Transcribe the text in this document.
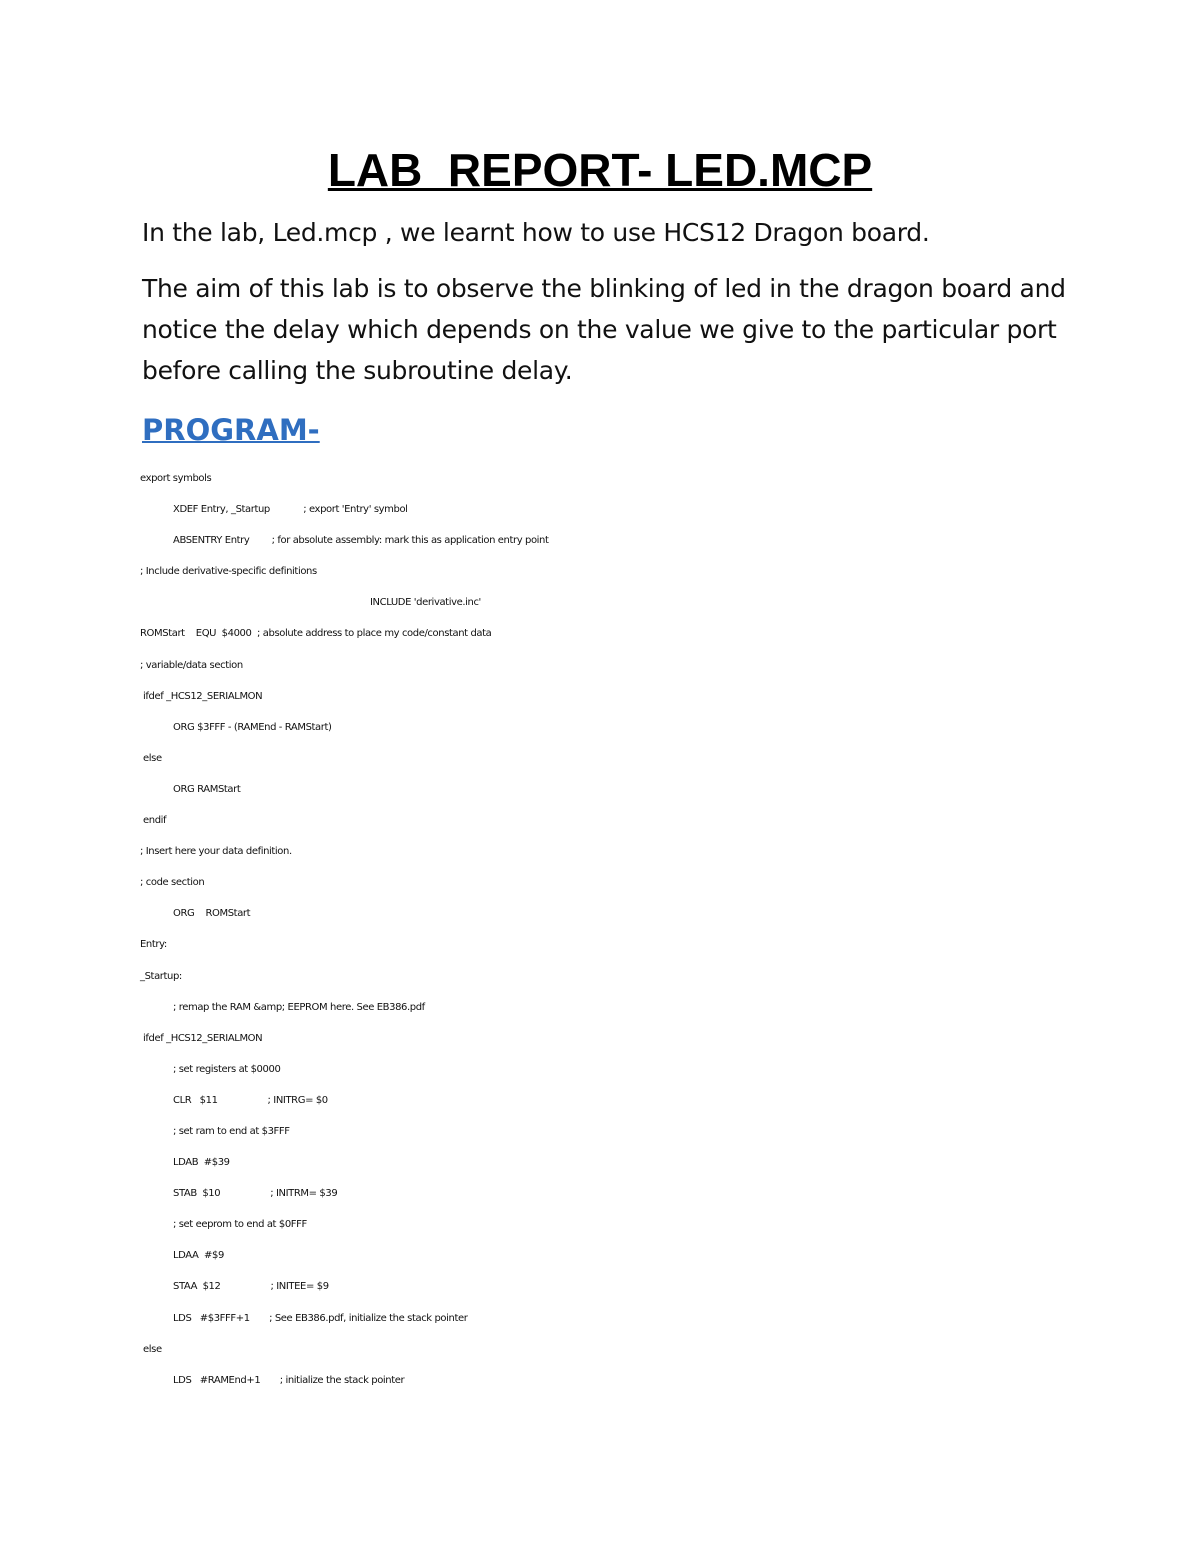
LAB  REPORT- LED.MCP
In the lab, Led.mcp , we learnt how to use HCS12 Dragon board.
The aim of this lab is to observe the blinking of led in the dragon board and notice the delay which depends on the value we give to the particular port before calling the subroutine delay.
PROGRAM-
export symbols
XDEF Entry, _Startup            ; export 'Entry' symbol
ABSENTRY Entry        ; for absolute assembly: mark this as application entry point
; Include derivative-specific definitions
INCLUDE 'derivative.inc'
ROMStart    EQU  $4000  ; absolute address to place my code/constant data
; variable/data section
ifdef _HCS12_SERIALMON
ORG $3FFF - (RAMEnd - RAMStart)
else
ORG RAMStart
endif
; Insert here your data definition.
; code section
ORG    ROMStart
Entry:
_Startup:
; remap the RAM &amp; EEPROM here. See EB386.pdf
ifdef _HCS12_SERIALMON
; set registers at $0000
CLR   $11                  ; INITRG= $0
; set ram to end at $3FFF
LDAB  #$39
STAB  $10                  ; INITRM= $39
; set eeprom to end at $0FFF
LDAA  #$9
STAA  $12                  ; INITEE= $9
LDS   #$3FFF+1       ; See EB386.pdf, initialize the stack pointer
else
LDS   #RAMEnd+1       ; initialize the stack pointer
